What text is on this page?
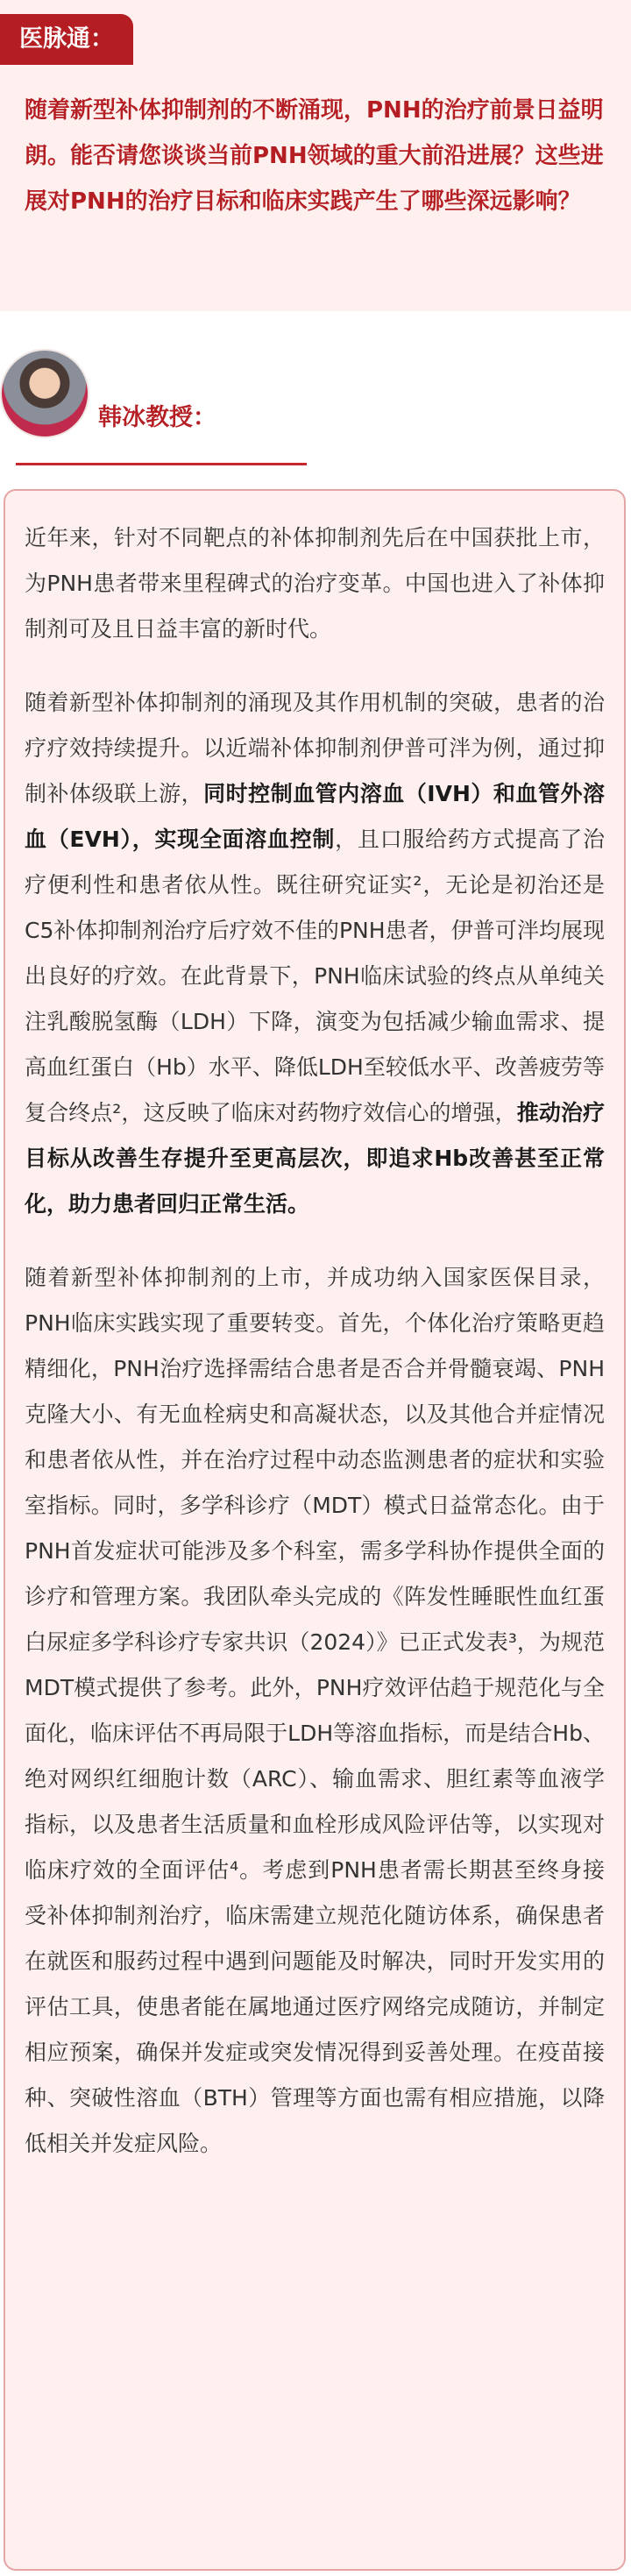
医脉通：

随着新型补体抑制剂的不断涌现，PNH的治疗前景日益明朗。能否请您谈谈当前PNH领域的重大前沿进展？这些进展对PNH的治疗目标和临床实践产生了哪些深远影响？

韩冰教授：

近年来，针对不同靶点的补体抑制剂先后在中国获批上市，为PNH患者带来里程碑式的治疗变革。中国也进入了补体抑制剂可及且日益丰富的新时代。

随着新型补体抑制剂的涌现及其作用机制的突破，患者的治疗疗效持续提升。以近端补体抑制剂伊普可泮为例，通过抑制补体级联上游，同时控制血管内溶血（IVH）和血管外溶血（EVH），实现全面溶血控制，且口服给药方式提高了治疗便利性和患者依从性。既往研究证实²，无论是初治还是C5补体抑制剂治疗后疗效不佳的PNH患者，伊普可泮均展现出良好的疗效。在此背景下，PNH临床试验的终点从单纯关注乳酸脱氢酶（LDH）下降，演变为包括减少输血需求、提高血红蛋白（Hb）水平、降低LDH至较低水平、改善疲劳等复合终点²，这反映了临床对药物疗效信心的增强，推动治疗目标从改善生存提升至更高层次，即追求Hb改善甚至正常化，助力患者回归正常生活。

随着新型补体抑制剂的上市，并成功纳入国家医保目录，PNH临床实践实现了重要转变。首先，个体化治疗策略更趋精细化，PNH治疗选择需结合患者是否合并骨髓衰竭、PNH克隆大小、有无血栓病史和高凝状态，以及其他合并症情况和患者依从性，并在治疗过程中动态监测患者的症状和实验室指标。同时，多学科诊疗（MDT）模式日益常态化。由于PNH首发症状可能涉及多个科室，需多学科协作提供全面的诊疗和管理方案。我团队牵头完成的《阵发性睡眠性血红蛋白尿症多学科诊疗专家共识（2024）》已正式发表³，为规范MDT模式提供了参考。此外，PNH疗效评估趋于规范化与全面化，临床评估不再局限于LDH等溶血指标，而是结合Hb、绝对网织红细胞计数（ARC）、输血需求、胆红素等血液学指标，以及患者生活质量和血栓形成风险评估等，以实现对临床疗效的全面评估⁴。考虑到PNH患者需长期甚至终身接受补体抑制剂治疗，临床需建立规范化随访体系，确保患者在就医和服药过程中遇到问题能及时解决，同时开发实用的评估工具，使患者能在属地通过医疗网络完成随访，并制定相应预案，确保并发症或突发情况得到妥善处理。在疫苗接种、突破性溶血（BTH）管理等方面也需有相应措施，以降低相关并发症风险。
